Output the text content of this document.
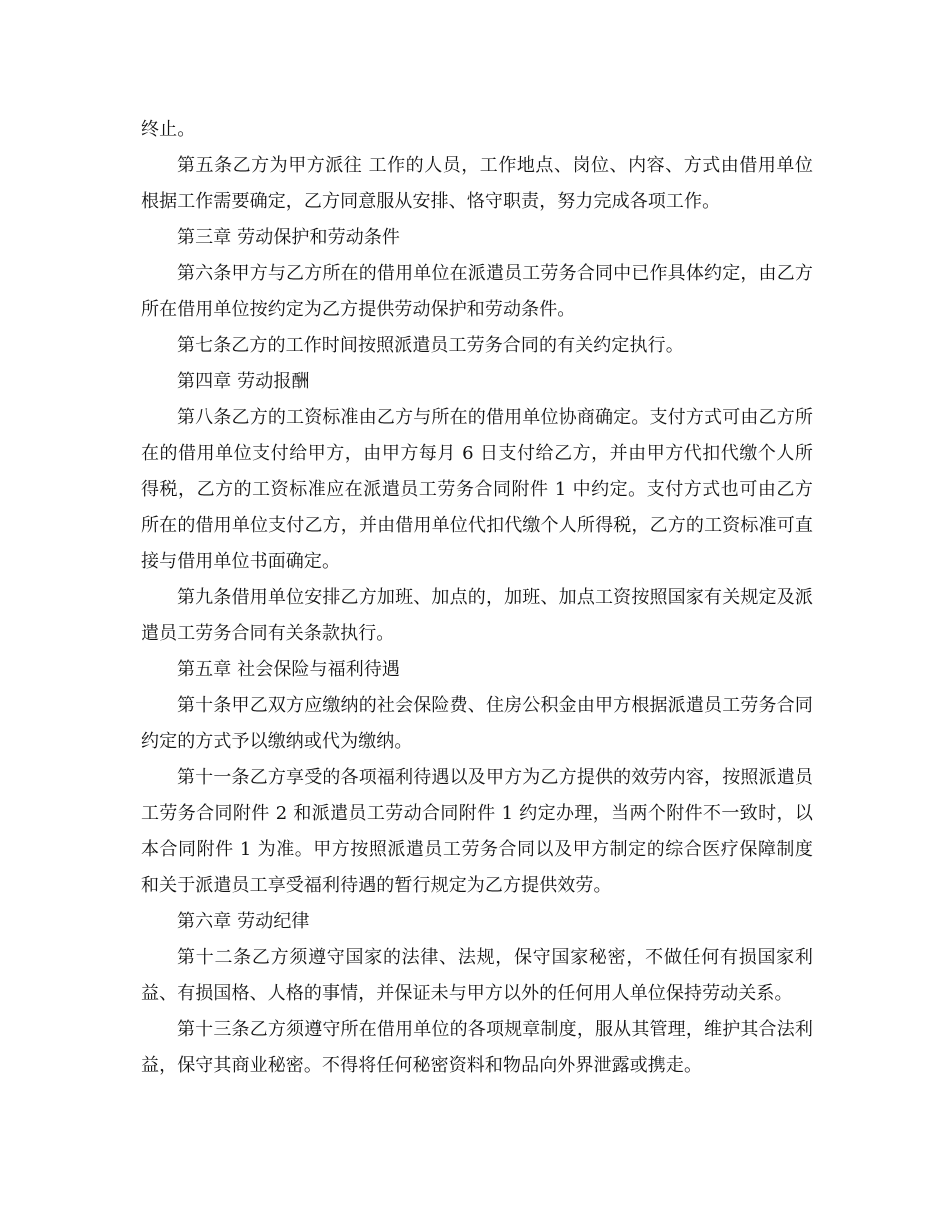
终止。

第五条乙方为甲方派往 工作的人员，工作地点、岗位、内容、方式由借用单位根据工作需要确定，乙方同意服从安排、恪守职责，努力完成各项工作。

第三章 劳动保护和劳动条件

第六条甲方与乙方所在的借用单位在派遣员工劳务合同中已作具体约定，由乙方所在借用单位按约定为乙方提供劳动保护和劳动条件。

第七条乙方的工作时间按照派遣员工劳务合同的有关约定执行。

第四章 劳动报酬

第八条乙方的工资标准由乙方与所在的借用单位协商确定。支付方式可由乙方所在的借用单位支付给甲方，由甲方每月 6 日支付给乙方，并由甲方代扣代缴个人所得税，乙方的工资标准应在派遣员工劳务合同附件 1 中约定。支付方式也可由乙方所在的借用单位支付乙方，并由借用单位代扣代缴个人所得税，乙方的工资标准可直接与借用单位书面确定。

第九条借用单位安排乙方加班、加点的，加班、加点工资按照国家有关规定及派遣员工劳务合同有关条款执行。

第五章 社会保险与福利待遇

第十条甲乙双方应缴纳的社会保险费、住房公积金由甲方根据派遣员工劳务合同约定的方式予以缴纳或代为缴纳。

第十一条乙方享受的各项福利待遇以及甲方为乙方提供的效劳内容，按照派遣员工劳务合同附件 2 和派遣员工劳动合同附件 1 约定办理，当两个附件不一致时，以本合同附件 1 为准。甲方按照派遣员工劳务合同以及甲方制定的综合医疗保障制度和关于派遣员工享受福利待遇的暂行规定为乙方提供效劳。

第六章 劳动纪律

第十二条乙方须遵守国家的法律、法规，保守国家秘密，不做任何有损国家利益、有损国格、人格的事情，并保证未与甲方以外的任何用人单位保持劳动关系。

第十三条乙方须遵守所在借用单位的各项规章制度，服从其管理，维护其合法利益，保守其商业秘密。不得将任何秘密资料和物品向外界泄露或携走。
